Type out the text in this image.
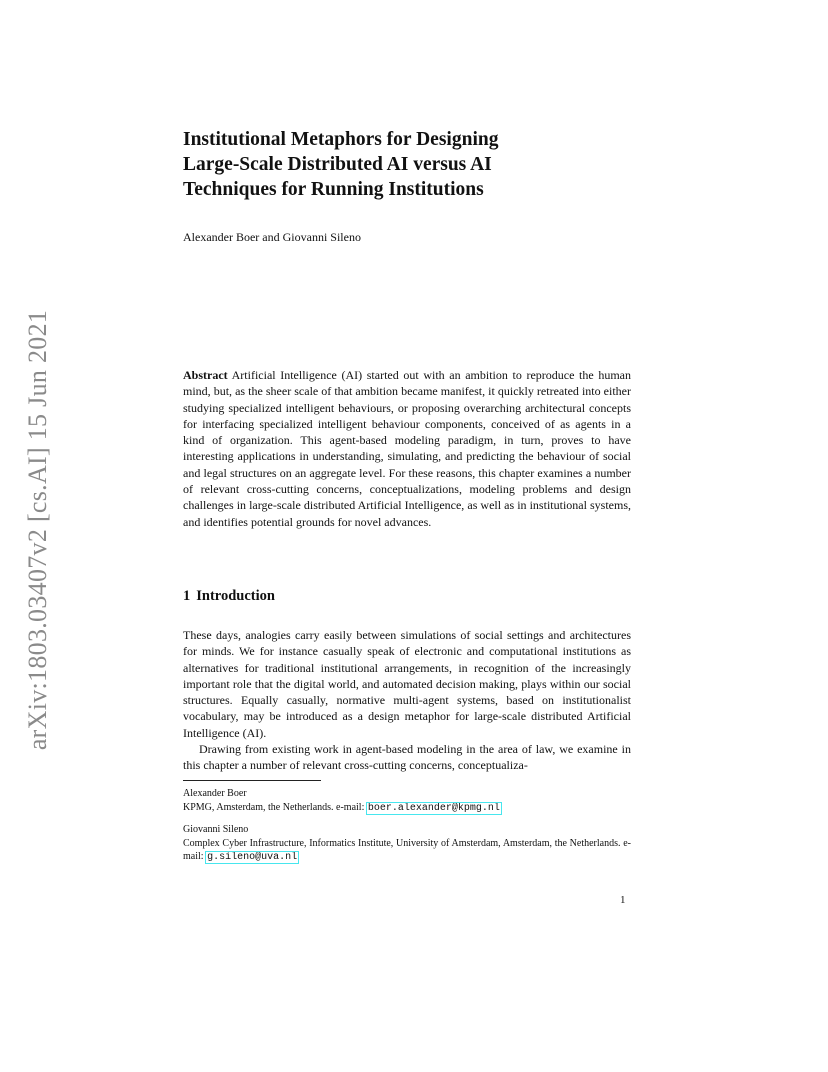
arXiv:1803.03407v2 [cs.AI] 15 Jun 2021
Institutional Metaphors for Designing
Large-Scale Distributed AI versus AI
Techniques for Running Institutions
Alexander Boer and Giovanni Sileno

Abstract Artificial Intelligence (AI) started out with an ambition to reproduce the human mind, but, as the sheer scale of that ambition became manifest, it quickly retreated into either studying specialized intelligent behaviours, or proposing overarching architectural concepts for interfacing specialized intelligent behaviour components, conceived of as agents in a kind of organization. This agent-based modeling paradigm, in turn, proves to have interesting applications in understanding, simulating, and predicting the behaviour of social and legal structures on an aggregate level. For these reasons, this chapter examines a number of relevant cross-cutting concerns, conceptualizations, modeling problems and design challenges in large-scale distributed Artificial Intelligence, as well as in institutional systems, and identifies potential grounds for novel advances.

1 Introduction

These days, analogies carry easily between simulations of social settings and architectures for minds. We for instance casually speak of electronic and computational institutions as alternatives for traditional institutional arrangements, in recognition of the increasingly important role that the digital world, and automated decision making, plays within our social structures. Equally casually, normative multi-agent systems, based on institutionalist vocabulary, may be introduced as a design metaphor for large-scale distributed Artificial Intelligence (AI).

Drawing from existing work in agent-based modeling in the area of law, we examine in this chapter a number of relevant cross-cutting concerns, conceptualiza-

Alexander Boer
KPMG, Amsterdam, the Netherlands. e-mail: boer.alexander@kpmg.nl
Giovanni Sileno
Complex Cyber Infrastructure, Informatics Institute, University of Amsterdam, Amsterdam, the Netherlands. e-mail: g.sileno@uva.nl
1
